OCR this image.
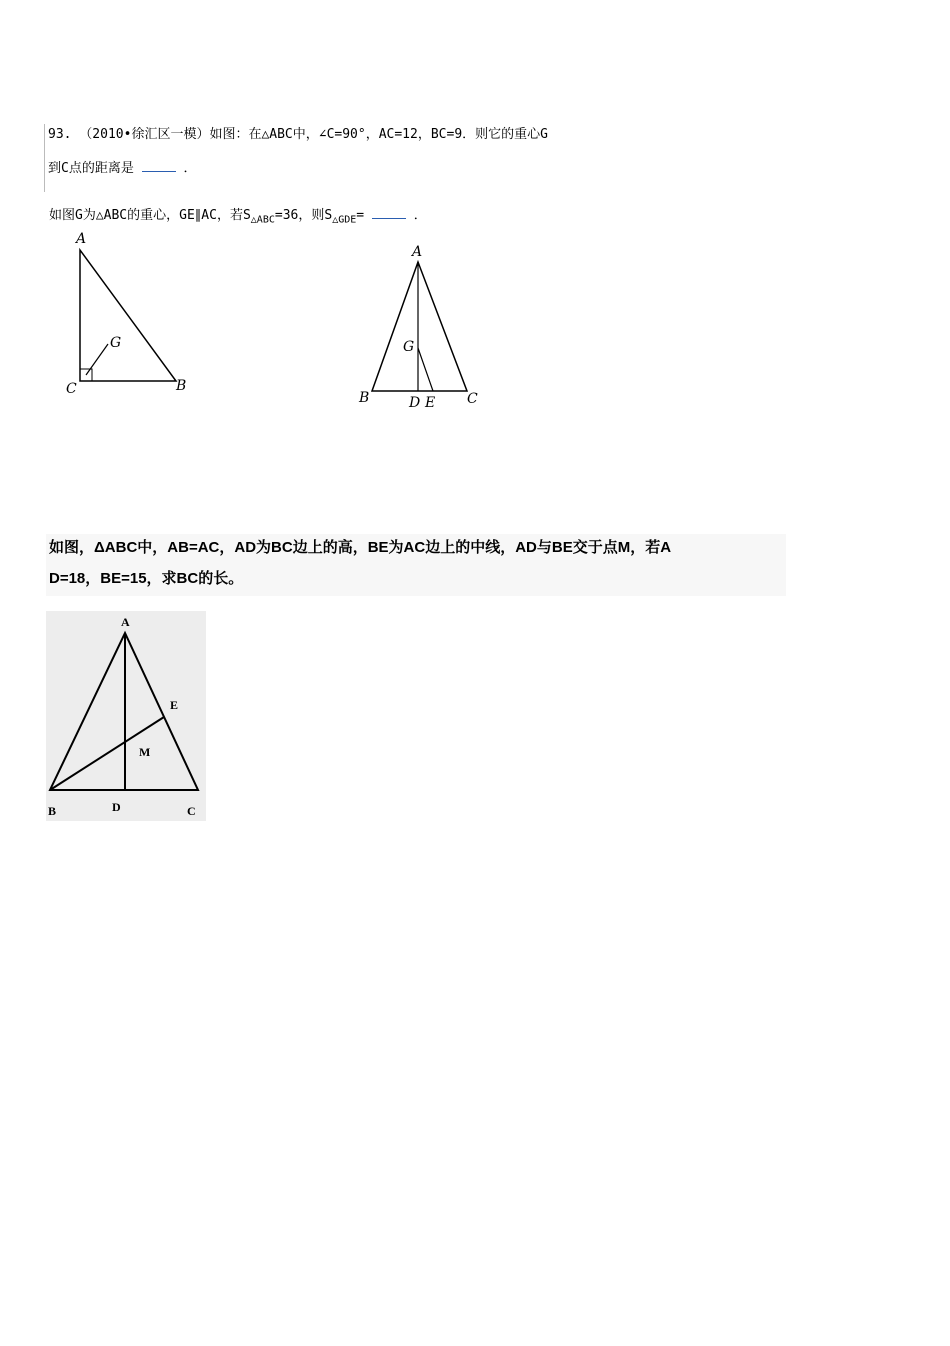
93. （2010•徐汇区一模）如图：在△ABC中，∠C=90°，AC=12，BC=9．则它的重心G
到C点的距离是	．
如图G为△ABC的重心，GE∥AC，若$S_{\triangle ABC}=36$，则$S_{\triangle GDE}=$	．
A
C	B
G
A
G
B	D E C
如图，ΔABC中，AB=AC，AD为BC边上的高，BE为AC边上的中线，AD与BE交于点M，若A
D=18，BE=15，求BC的长。
A
E
M
B	D	C
